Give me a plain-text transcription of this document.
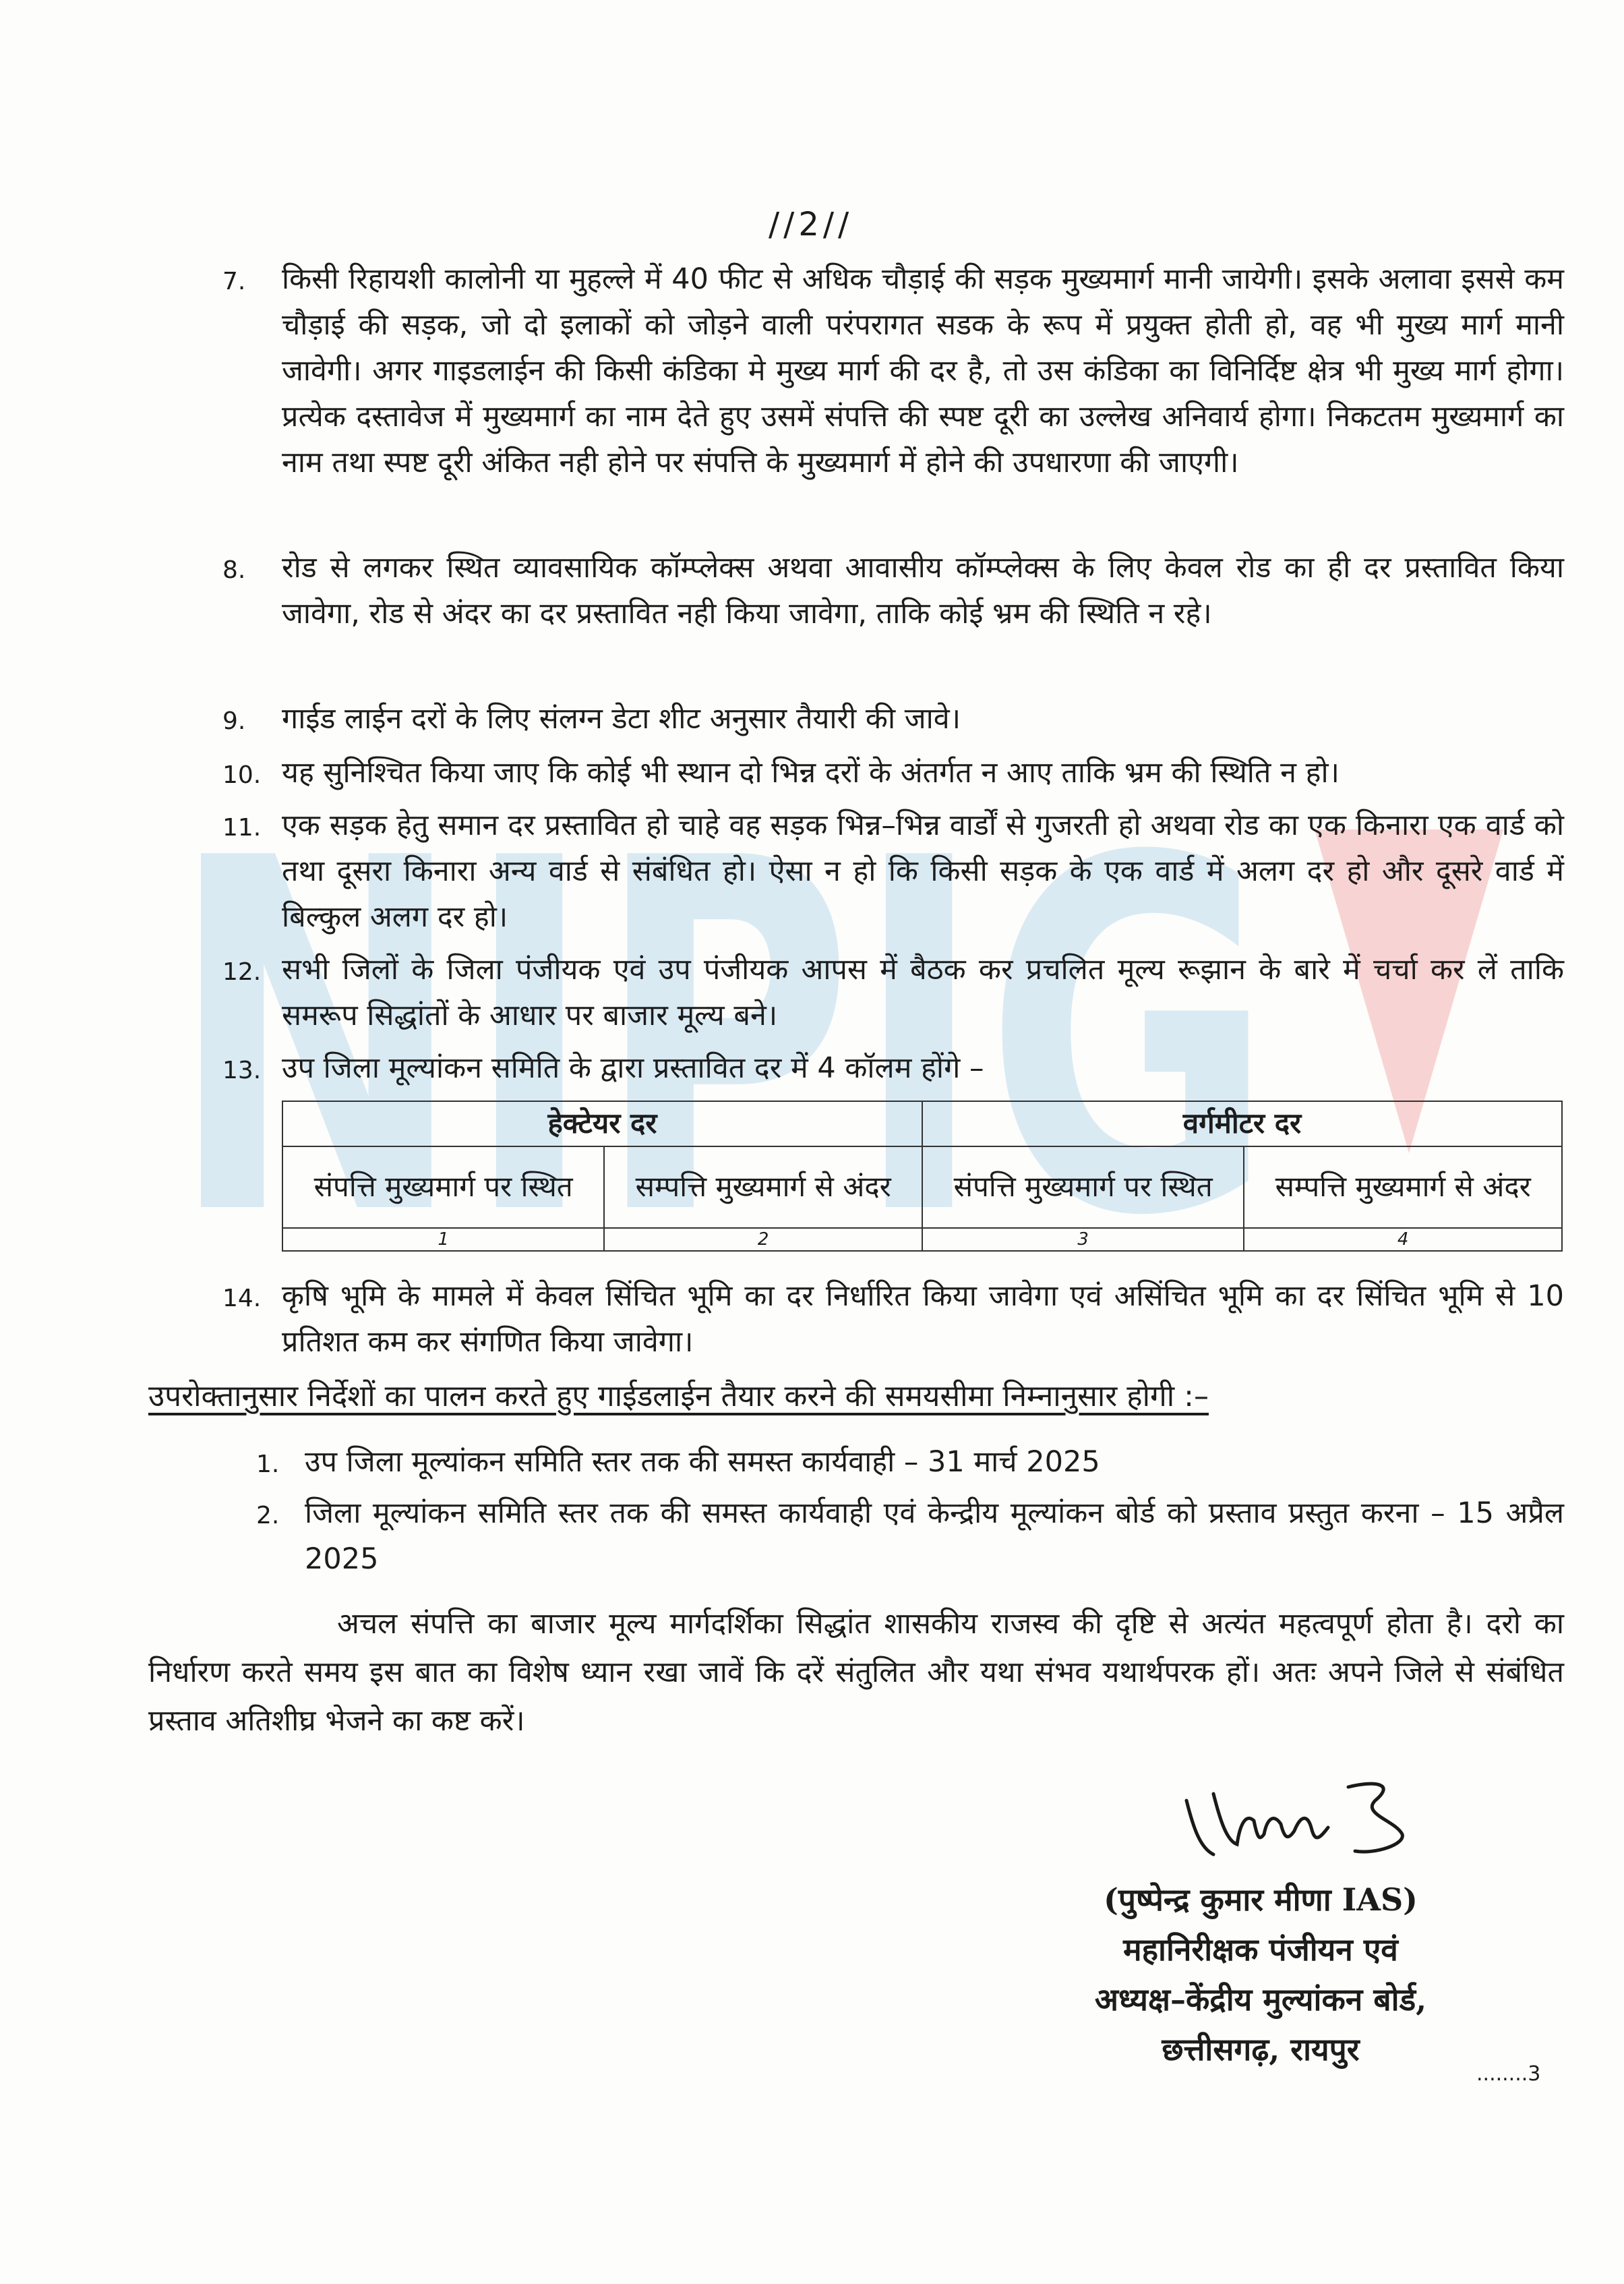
NIPIG
//2//
7.	किसी रिहायशी कालोनी या मुहल्ले में 40 फीट से अधिक चौड़ाई की सड़क मुख्यमार्ग मानी जायेगी। इसके अलावा इससे कम चौड़ाई की सड़क, जो दो इलाकों को जोड़ने वाली परंपरागत सडक के रूप में प्रयुक्त होती हो, वह भी मुख्य मार्ग मानी जावेगी। अगर गाइडलाईन की किसी कंडिका मे मुख्य मार्ग की दर है, तो उस कंडिका का विनिर्दिष्ट क्षेत्र भी मुख्य मार्ग होगा। प्रत्येक दस्तावेज में मुख्यमार्ग का नाम देते हुए उसमें संपत्ति की स्पष्ट दूरी का उल्लेख अनिवार्य होगा। निकटतम मुख्यमार्ग का नाम तथा स्पष्ट दूरी अंकित नही होने पर संपत्ति के मुख्यमार्ग में होने की उपधारणा की जाएगी।
8.	रोड से लगकर स्थित व्यावसायिक कॉम्प्लेक्स अथवा आवासीय कॉम्प्लेक्स के लिए केवल रोड का ही दर प्रस्तावित किया जावेगा, रोड से अंदर का दर प्रस्तावित नही किया जावेगा, ताकि कोई भ्रम की स्थिति न रहे।
9.	गाईड लाईन दरों के लिए संलग्न डेटा शीट अनुसार तैयारी की जावे।
10. यह सुनिश्चित किया जाए कि कोई भी स्थान दो भिन्न दरों के अंतर्गत न आए ताकि भ्रम की स्थिति न हो।
11. एक सड़क हेतु समान दर प्रस्तावित हो चाहे वह सड़क भिन्न–भिन्न वार्डों से गुजरती हो अथवा रोड का एक किनारा एक वार्ड को तथा दूसरा किनारा अन्य वार्ड से संबंधित हो। ऐसा न हो कि किसी सड़क के एक वार्ड में अलग दर हो और दूसरे वार्ड में बिल्कुल अलग दर हो।
12. सभी जिलों के जिला पंजीयक एवं उप पंजीयक आपस में बैठक कर प्रचलित मूल्य रूझान के बारे में चर्चा कर लें ताकि समरूप सिद्धांतों के आधार पर बाजार मूल्य बने।
13. उप जिला मूल्यांकन समिति के द्वारा प्रस्तावित दर में 4 कॉलम होंगे –
हेक्टेयर दर		वर्गमीटर दर	
संपत्ति मुख्यमार्ग पर स्थित	सम्पत्ति मुख्यमार्ग से अंदर	संपत्ति मुख्यमार्ग पर स्थित	सम्पत्ति मुख्यमार्ग से अंदर
1	2	3	4
14. कृषि भूमि के मामले में केवल सिंचित भूमि का दर निर्धारित किया जावेगा एवं असिंचित भूमि का दर सिंचित भूमि से 10 प्रतिशत कम कर संगणित किया जावेगा।
उपरोक्तानुसार निर्देशों का पालन करते हुए गाईडलाईन तैयार करने की समयसीमा निम्नानुसार होगी :–
1. उप जिला मूल्यांकन समिति स्तर तक की समस्त कार्यवाही – 31 मार्च 2025
2. जिला मूल्यांकन समिति स्तर तक की समस्त कार्यवाही एवं केन्द्रीय मूल्यांकन बोर्ड को प्रस्ताव प्रस्तुत करना – 15 अप्रैल 2025
अचल संपत्ति का बाजार मूल्य मार्गदर्शिका सिद्धांत शासकीय राजस्व की दृष्टि से अत्यंत महत्वपूर्ण होता है। दरो का निर्धारण करते समय इस बात का विशेष ध्यान रखा जावें कि दरें संतुलित और यथा संभव यथार्थपरक हों। अतः अपने जिले से संबंधित प्रस्ताव अतिशीघ्र भेजने का कष्ट करें।
(पुष्पेन्द्र कुमार मीणा IAS)
महानिरीक्षक पंजीयन एवं
अध्यक्ष–केंद्रीय मुल्यांकन बोर्ड,
छत्तीसगढ़, रायपुर
........3
